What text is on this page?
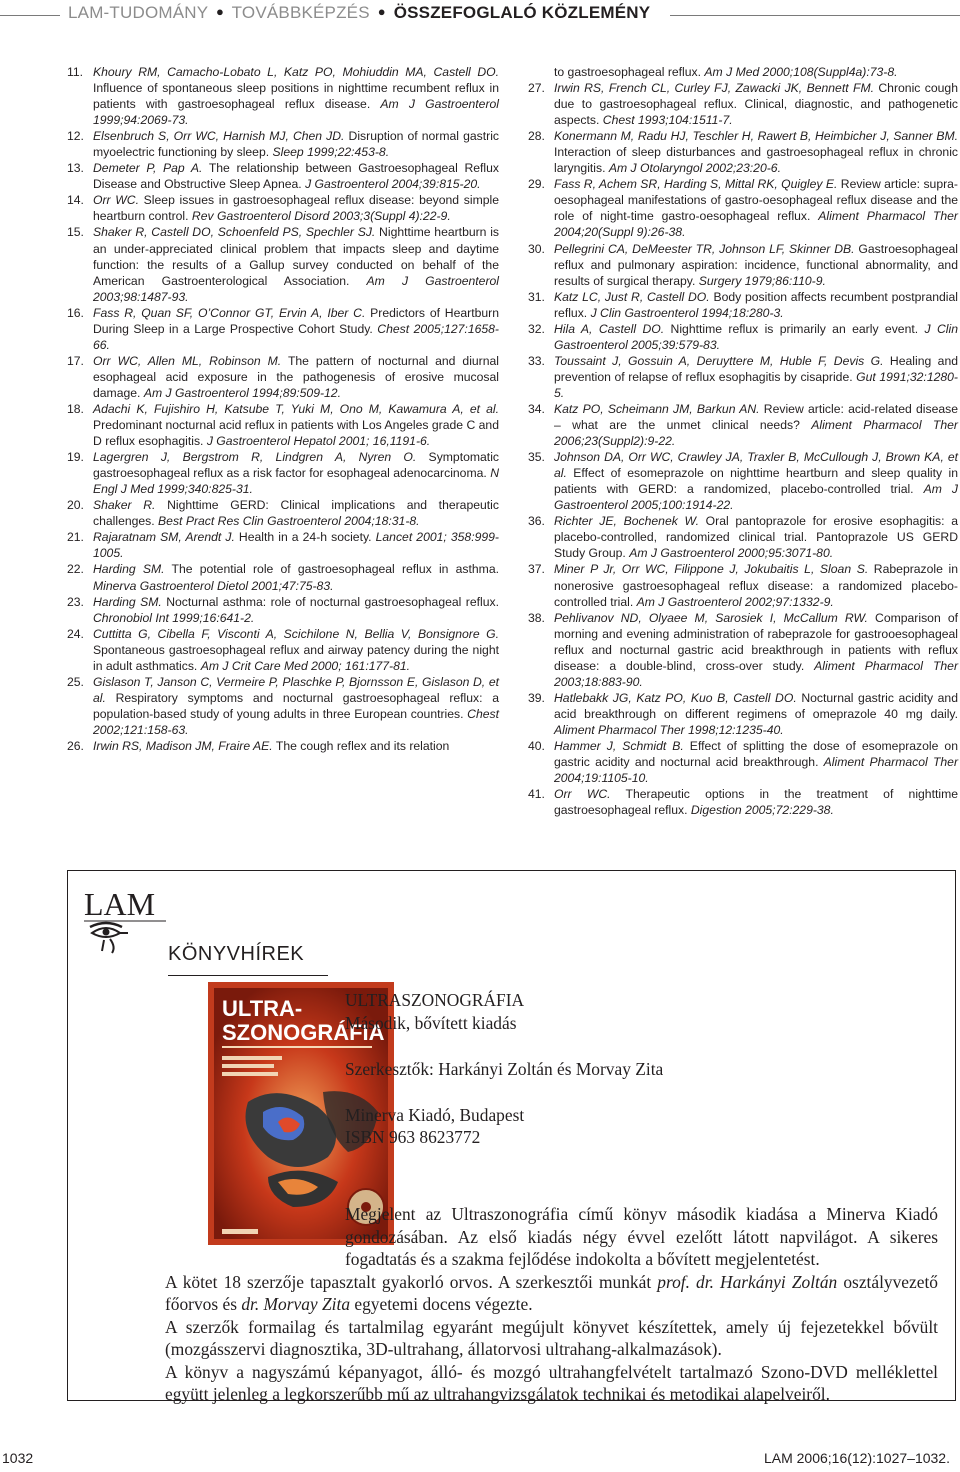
LAM-TUDOMÁNY ● TOVÁBBKÉPZÉS ● ÖSSZEFOGLALÓ KÖZLEMÉNY

11. Khoury RM, Camacho-Lobato L, Katz PO, Mohiuddin MA, Castell DO. Influence of spontaneous sleep positions in nighttime recumbent reflux in patients with gastroesophageal reflux disease. Am J Gastroenterol 1999;94:2069-73.

12. Elsenbruch S, Orr WC, Harnish MJ, Chen JD. Disruption of normal gastric myoelectric functioning by sleep. Sleep 1999;22:453-8.

13. Demeter P, Pap A. The relationship between Gastroesophageal Reflux Disease and Obstructive Sleep Apnea. J Gastroenterol 2004;39:815-20.

14. Orr WC. Sleep issues in gastroesophageal reflux disease: beyond simple heartburn control. Rev Gastroenterol Disord 2003;3(Suppl 4):22-9.

15. Shaker R, Castell DO, Schoenfeld PS, Spechler SJ. Nighttime heartburn is an under-appreciated clinical problem that impacts sleep and daytime function: the results of a Gallup survey conducted on behalf of the American Gastroenterological Association. Am J Gastroenterol 2003;98:1487-93.

16. Fass R, Quan SF, O’Connor GT, Ervin A, Iber C. Predictors of Heartburn During Sleep in a Large Prospective Cohort Study. Chest 2005;127:1658-66.

17. Orr WC, Allen ML, Robinson M. The pattern of nocturnal and diurnal esophageal acid exposure in the pathogenesis of erosive mucosal damage. Am J Gastroenterol 1994;89:509-12.

18. Adachi K, Fujishiro H, Katsube T, Yuki M, Ono M, Kawamura A, et al. Predominant nocturnal acid reflux in patients with Los Angeles grade C and D reflux esophagitis. J Gastroenterol Hepatol 2001; 16,1191-6.

19. Lagergren J, Bergstrom R, Lindgren A, Nyren O. Symptomatic gastroesophageal reflux as a risk factor for esophageal adenocarcinoma. N Engl J Med 1999;340:825-31.

20. Shaker R. Nighttime GERD: Clinical implications and therapeutic challenges. Best Pract Res Clin Gastroenterol 2004;18:31-8.

21. Rajaratnam SM, Arendt J. Health in a 24-h society. Lancet 2001; 358:999-1005.

22. Harding SM. The potential role of gastroesophageal reflux in asthma. Minerva Gastroenterol Dietol 2001;47:75-83.

23. Harding SM. Nocturnal asthma: role of nocturnal gastroesophageal reflux. Chronobiol Int 1999;16:641-2.

24. Cuttitta G, Cibella F, Visconti A, Scichilone N, Bellia V, Bonsignore G. Spontaneous gastroesophageal reflux and airway patency during the night in adult asthmatics. Am J Crit Care Med 2000; 161:177-81.

25. Gislason T, Janson C, Vermeire P, Plaschke P, Bjornsson E, Gislason D, et al. Respiratory symptoms and nocturnal gastroesophageal reflux: a population-based study of young adults in three European countries. Chest 2002;121:158-63.

26. Irwin RS, Madison JM, Fraire AE. The cough reflex and its relation

to gastroesophageal reflux. Am J Med 2000;108(Suppl4a):73-8.

27. Irwin RS, French CL, Curley FJ, Zawacki JK, Bennett FM. Chronic cough due to gastroesophageal reflux. Clinical, diagnostic, and pathogenetic aspects. Chest 1993;104:1511-7.

28. Konermann M, Radu HJ, Teschler H, Rawert B, Heimbicher J, Sanner BM. Interaction of sleep disturbances and gastroesophageal reflux in chronic laryngitis. Am J Otolaryngol 2002;23:20-6.

29. Fass R, Achem SR, Harding S, Mittal RK, Quigley E. Review article: supra-oesophageal manifestations of gastro-oesophageal reflux disease and the role of night-time gastro-oesophageal reflux. Aliment Pharmacol Ther 2004;20(Suppl 9):26-38.

30. Pellegrini CA, DeMeester TR, Johnson LF, Skinner DB. Gastroesophageal reflux and pulmonary aspiration: incidence, functional abnormality, and results of surgical therapy. Surgery 1979;86:110-9.

31. Katz LC, Just R, Castell DO. Body position affects recumbent postprandial reflux. J Clin Gastroenterol 1994;18:280-3.

32. Hila A, Castell DO. Nighttime reflux is primarily an early event. J Clin Gastroenterol 2005;39:579-83.

33. Toussaint J, Gossuin A, Deruyttere M, Huble F, Devis G. Healing and prevention of relapse of reflux esophagitis by cisapride. Gut 1991;32:1280-5.

34. Katz PO, Scheimann JM, Barkun AN. Review article: acid-related disease – what are the unmet clinical needs? Aliment Pharmacol Ther 2006;23(Suppl2):9-22.

35. Johnson DA, Orr WC, Crawley JA, Traxler B, McCullough J, Brown KA, et al. Effect of esomeprazole on nighttime heartburn and sleep quality in patients with GERD: a randomized, placebo-controlled trial. Am J Gastroenterol 2005;100:1914-22.

36. Richter JE, Bochenek W. Oral pantoprazole for erosive esophagitis: a placebo-controlled, randomized clinical trial. Pantoprazole US GERD Study Group. Am J Gastroenterol 2000;95:3071-80.

37. Miner P Jr, Orr WC, Filippone J, Jokubaitis L, Sloan S. Rabeprazole in nonerosive gastroesophageal reflux disease: a randomized placebo-controlled trial. Am J Gastroenterol 2002;97:1332-9.

38. Pehlivanov ND, Olyaee M, Sarosiek I, McCallum RW. Comparison of morning and evening administration of rabeprazole for gastrooesophageal reflux and nocturnal gastric acid breakthrough in patients with reflux disease: a double-blind, cross-over study. Aliment Pharmacol Ther 2003;18:883-90.

39. Hatlebakk JG, Katz PO, Kuo B, Castell DO. Nocturnal gastric acidity and acid breakthrough on different regimens of omeprazole 40 mg daily. Aliment Pharmacol Ther 1998;12:1235-40.

40. Hammer J, Schmidt B. Effect of splitting the dose of esomeprazole on gastric acidity and nocturnal acid breakthrough. Aliment Pharmacol Ther 2004;19:1105-10.

41. Orr WC. Therapeutic options in the treatment of nighttime gastroesophageal reflux. Digestion 2005;72:229-38.

LAM
KÖNYVHÍREK
ULTRA-
SZONOGRÁFIA

ULTRASZONOGRÁFIA

Második, bővített kiadás

Szerkesztők: Harkányi Zoltán és Morvay Zita

Minerva Kiadó, Budapest

ISBN 963 8623772

Megjelent az Ultraszonográfia című könyv második kiadása a Minerva Kiadó gondozásában. Az első kiadás négy évvel ezelőtt látott napvilágot. A sikeres fogadtatás és a szakma fejlődése indokolta a bővített megjelentetést.

A kötet 18 szerzője tapasztalt gyakorló orvos. A szerkesztői munkát prof. dr. Harkányi Zoltán osztályvezető főorvos és dr. Morvay Zita egyetemi docens végezte.

A szerzők formailag és tartalmilag egyaránt megújult könyvet készítettek, amely új fejezetekkel bővült (mozgásszervi diagnosztika, 3D-ultrahang, állatorvosi ultrahang-alkalmazások).

A könyv a nagyszámú képanyagot, álló- és mozgó ultrahangfelvételt tartalmazó Szono-DVD melléklettel együtt jelenleg a legkorszerűbb mű az ultrahangvizsgálatok technikai és metodikai alapelveiről.

1032	LAM 2006;16(12):1027–1032.
